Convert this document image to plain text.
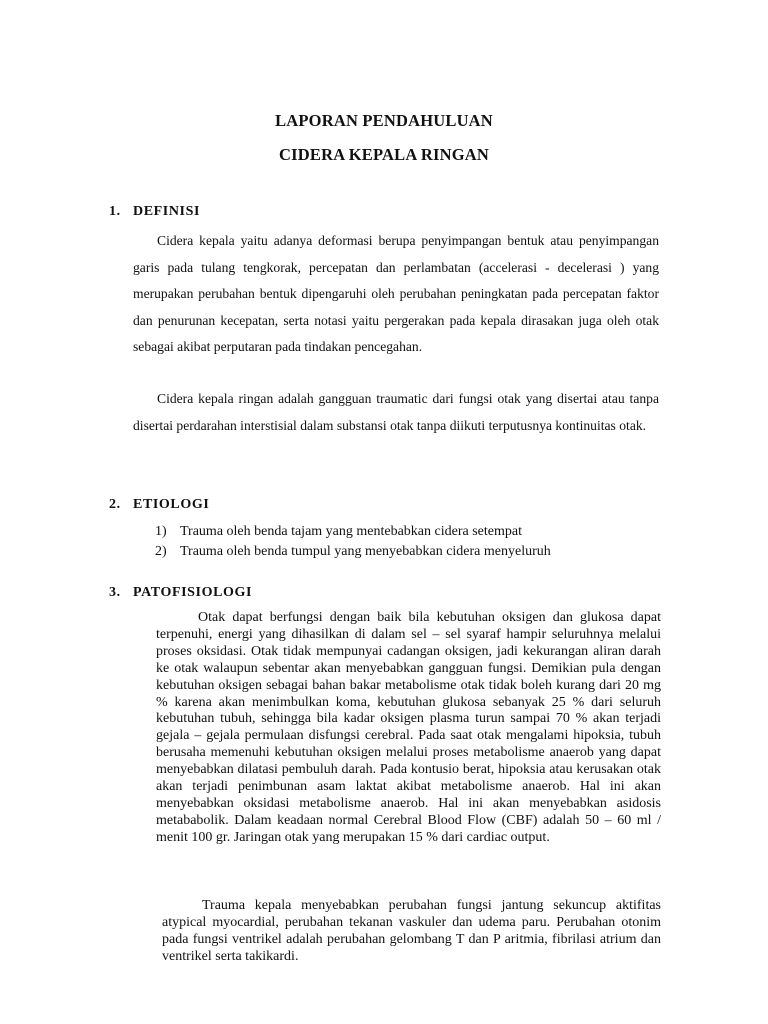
LAPORAN PENDAHULUAN
CIDERA KEPALA RINGAN
1. DEFINISI

Cidera kepala yaitu adanya deformasi berupa penyimpangan bentuk atau penyimpangan garis pada tulang tengkorak, percepatan dan perlambatan (accelerasi - decelerasi ) yang merupakan perubahan bentuk dipengaruhi oleh perubahan peningkatan pada percepatan faktor dan penurunan kecepatan, serta notasi yaitu pergerakan pada kepala dirasakan juga oleh otak sebagai akibat perputaran pada tindakan pencegahan.

Cidera kepala ringan adalah gangguan traumatic dari fungsi otak yang disertai atau tanpa disertai perdarahan interstisial dalam substansi otak tanpa diikuti terputusnya kontinuitas otak.

2. ETIOLOGI
1) Trauma oleh benda tajam yang mentebabkan cidera setempat
2) Trauma oleh benda tumpul yang menyebabkan cidera menyeluruh
3. PATOFISIOLOGI

Otak dapat berfungsi dengan baik bila kebutuhan oksigen dan glukosa dapat terpenuhi, energi yang dihasilkan di dalam sel – sel syaraf hampir seluruhnya melalui proses oksidasi. Otak tidak mempunyai cadangan oksigen, jadi kekurangan aliran darah ke otak walaupun sebentar akan menyebabkan gangguan fungsi. Demikian pula dengan kebutuhan oksigen sebagai bahan bakar metabolisme otak tidak boleh kurang dari 20 mg % karena akan menimbulkan koma, kebutuhan glukosa sebanyak 25 % dari seluruh kebutuhan tubuh, sehingga bila kadar oksigen plasma turun sampai 70 % akan terjadi gejala – gejala permulaan disfungsi cerebral. Pada saat otak mengalami hipoksia, tubuh berusaha memenuhi kebutuhan oksigen melalui proses metabolisme anaerob yang dapat menyebabkan dilatasi pembuluh darah. Pada kontusio berat, hipoksia atau kerusakan otak akan terjadi penimbunan asam laktat akibat metabolisme anaerob. Hal ini akan menyebabkan oksidasi metabolisme anaerob. Hal ini akan menyebabkan asidosis metababolik. Dalam keadaan normal Cerebral Blood Flow (CBF) adalah 50 – 60 ml / menit 100 gr. Jaringan otak yang merupakan 15 % dari cardiac output.

Trauma kepala menyebabkan perubahan fungsi jantung sekuncup aktifitas atypical myocardial, perubahan tekanan vaskuler dan udema paru. Perubahan otonim pada fungsi ventrikel adalah perubahan gelombang T dan P aritmia, fibrilasi atrium dan ventrikel serta takikardi.
